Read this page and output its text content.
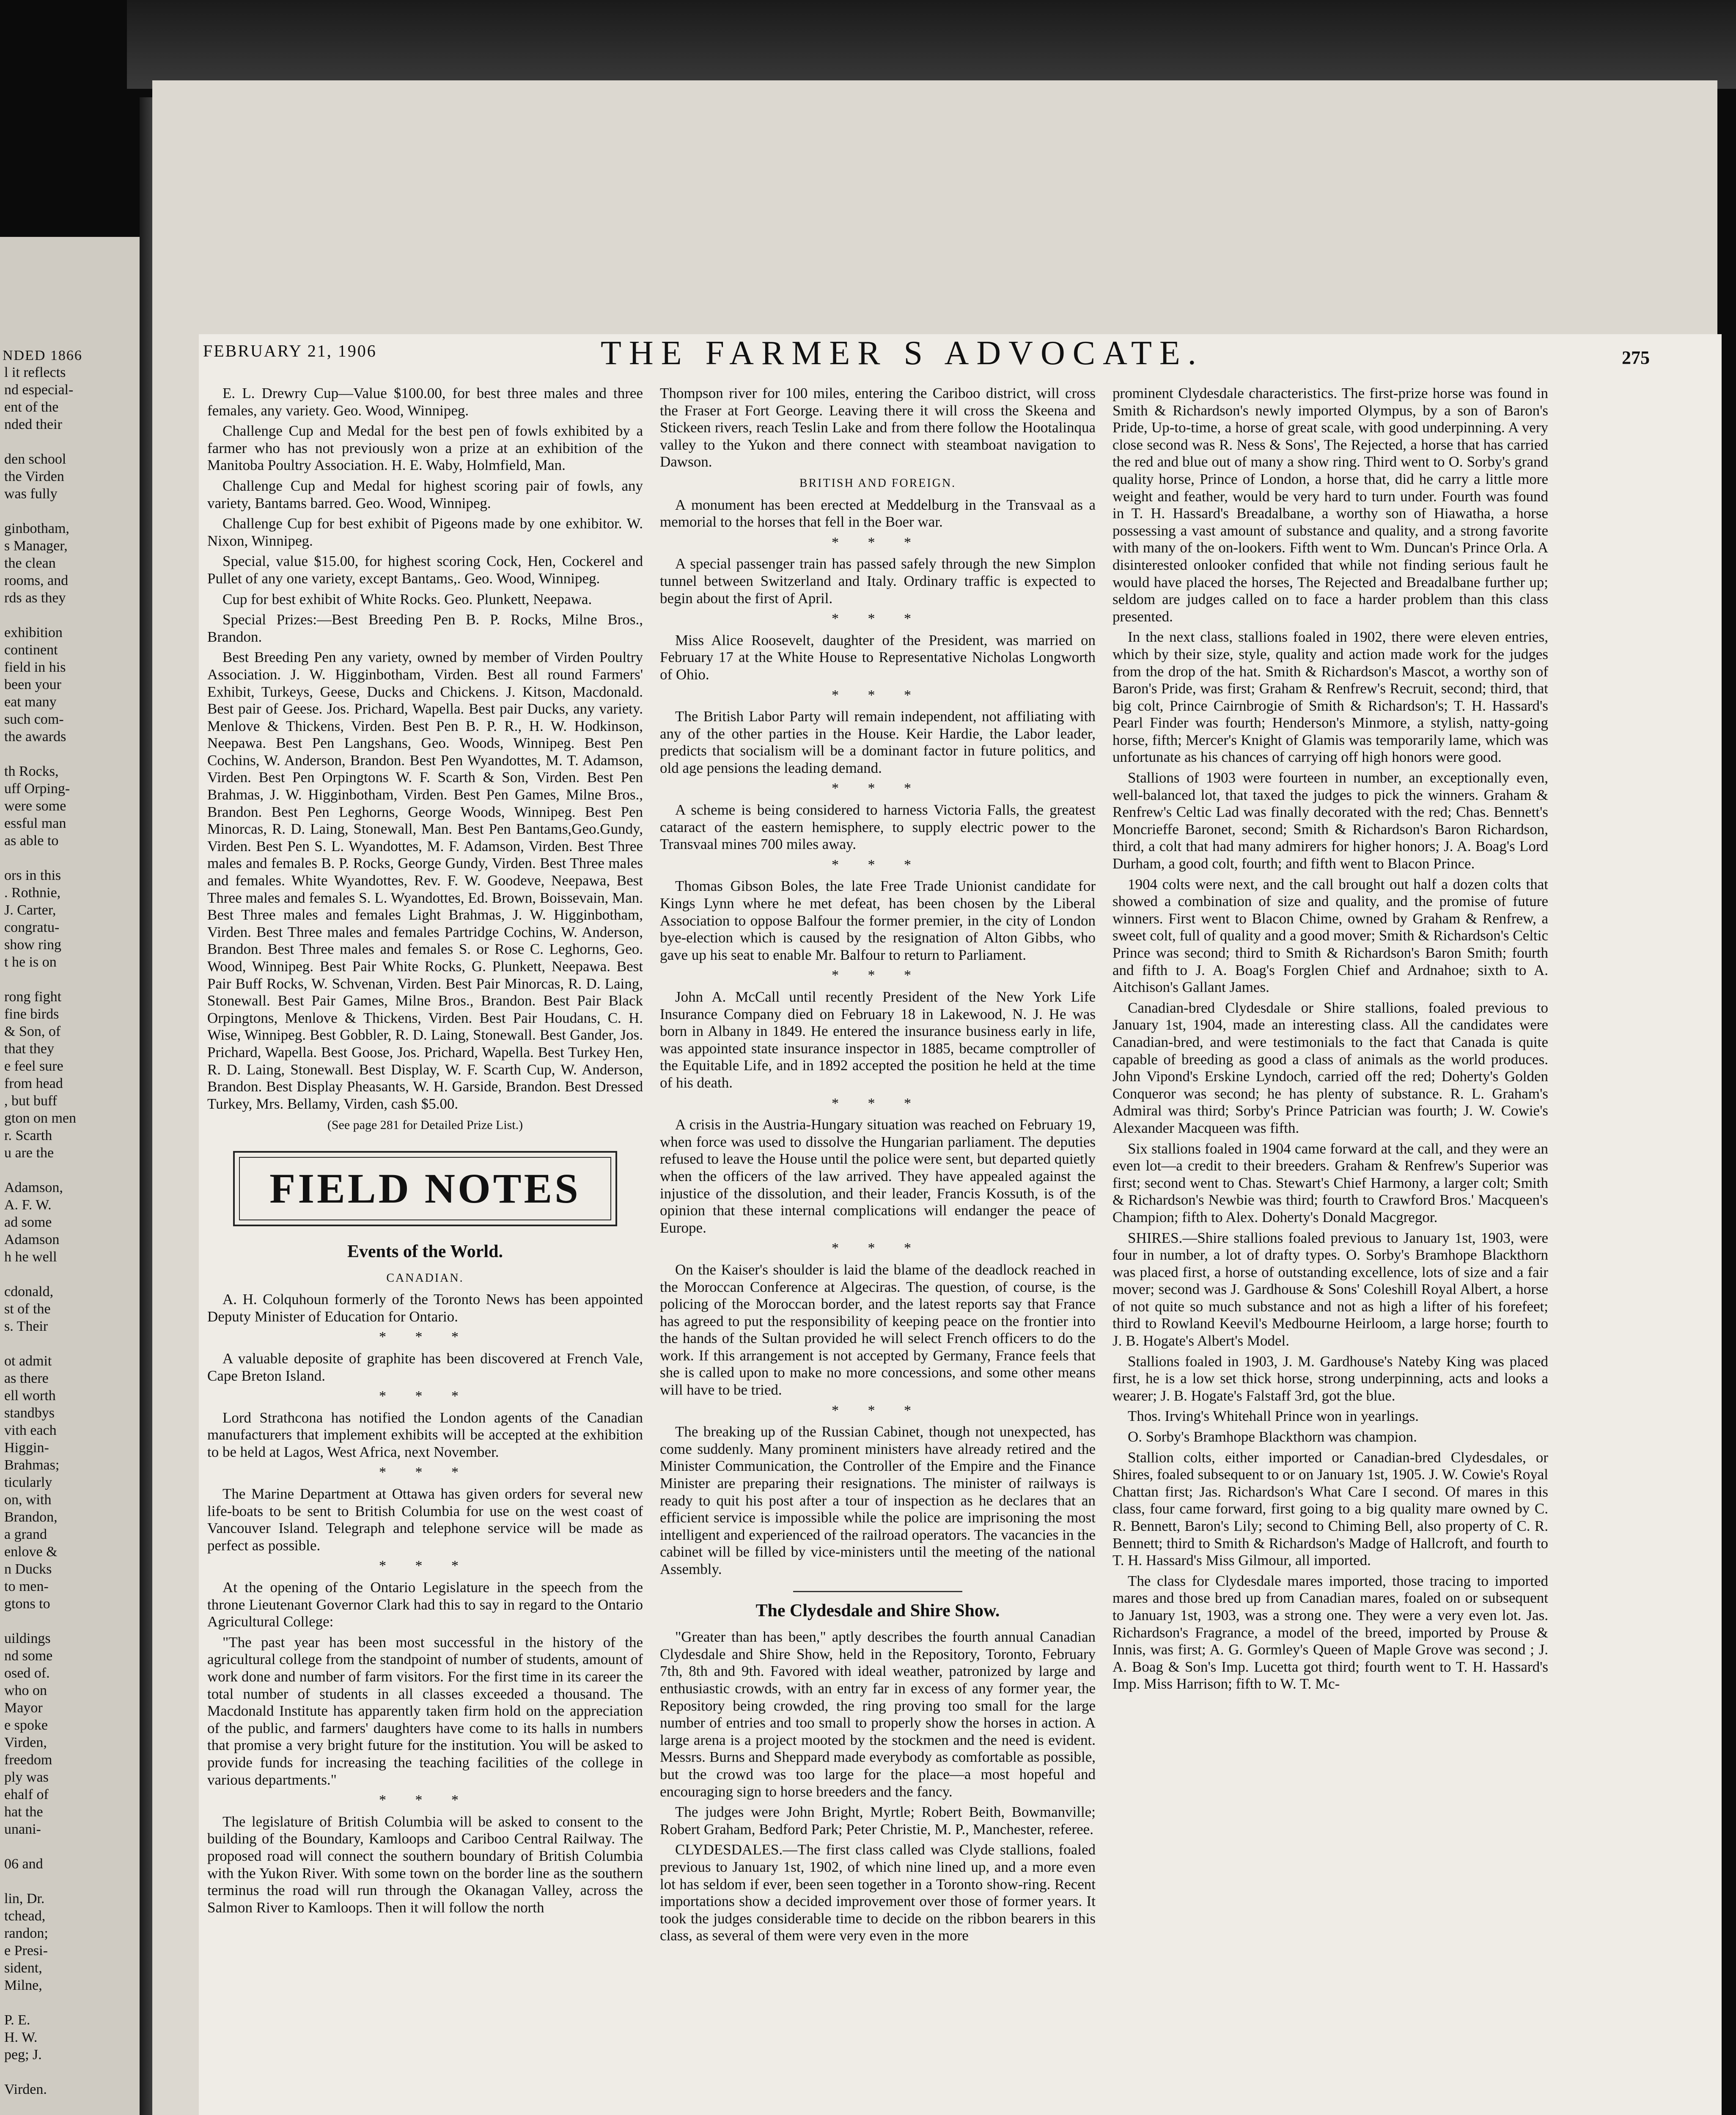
NDED 1866
l it reflects
nd especial-
ent of the
nded their
den school
the Virden
was fully
ginbotham,
s Manager,
the clean
rooms, and
rds as they
exhibition
continent
field in his
been your
eat many
such com-
the awards
th Rocks,
uff Orping-
were some
essful man
as able to
ors in this
. Rothnie,
J. Carter,
congratu-
show ring
t he is on
rong fight
fine birds
& Son, of
that they
e feel sure
from head
, but buff
gton on men
r. Scarth
u are the
Adamson,
A. F. W.
ad some
Adamson
h he well
cdonald,
st of the
s. Their
ot admit
as there
ell worth
standbys
vith each
Higgin-
Brahmas;
ticularly
on, with
Brandon,
a grand
enlove &
n Ducks
to men-
gtons to
uildings
nd some
osed of.
who on
Mayor
e spoke
Virden,
freedom
ply was
ehalf of
hat the
unani-
06 and
lin, Dr.
tchead,
randon;
e Presi-
sident,
Milne,
P. E.
H. W.
peg; J.
Virden.
FEBRUARY 21, 1906	THE FARMER S ADVOCATE.	275

E. L. Drewry Cup—Value $100.00, for best three males and three females, any variety. Geo. Wood, Winnipeg.

Challenge Cup and Medal for the best pen of fowls exhibited by a farmer who has not previously won a prize at an exhibition of the Manitoba Poultry Association. H. E. Waby, Holmfield, Man.

Challenge Cup and Medal for highest scoring pair of fowls, any variety, Bantams barred. Geo. Wood, Winnipeg.

Challenge Cup for best exhibit of Pigeons made by one exhibitor. W. Nixon, Winnipeg.

Special, value $15.00, for highest scoring Cock, Hen, Cockerel and Pullet of any one variety, except Bantams,. Geo. Wood, Winnipeg.

Cup for best exhibit of White Rocks. Geo. Plunkett, Neepawa.

Special Prizes:—Best Breeding Pen B. P. Rocks, Milne Bros., Brandon.

Best Breeding Pen any variety, owned by member of Virden Poultry Association. J. W. Higginbotham, Virden. Best all round Farmers' Exhibit, Turkeys, Geese, Ducks and Chickens. J. Kitson, Macdonald. Best pair of Geese. Jos. Prichard, Wapella. Best pair Ducks, any variety. Menlove & Thickens, Virden. Best Pen B. P. R., H. W. Hodkinson, Neepawa. Best Pen Langshans, Geo. Woods, Winnipeg. Best Pen Cochins, W. Anderson, Brandon. Best Pen Wyandottes, M. T. Adamson, Virden. Best Pen Orpingtons W. F. Scarth & Son, Virden. Best Pen Brahmas, J. W. Higginbotham, Virden. Best Pen Games, Milne Bros., Brandon. Best Pen Leghorns, George Woods, Winnipeg. Best Pen Minorcas, R. D. Laing, Stonewall, Man. Best Pen Bantams,Geo.Gundy, Virden. Best Pen S. L. Wyandottes, M. F. Adamson, Virden. Best Three males and females B. P. Rocks, George Gundy, Virden. Best Three males and females. White Wyandottes, Rev. F. W. Goodeve, Neepawa, Best Three males and females S. L. Wyandottes, Ed. Brown, Boissevain, Man. Best Three males and females Light Brahmas, J. W. Higginbotham, Virden. Best Three males and females Partridge Cochins, W. Anderson, Brandon. Best Three males and females S. or Rose C. Leghorns, Geo. Wood, Winnipeg. Best Pair White Rocks, G. Plunkett, Neepawa. Best Pair Buff Rocks, W. Schvenan, Virden. Best Pair Minorcas, R. D. Laing, Stonewall. Best Pair Games, Milne Bros., Brandon. Best Pair Black Orpingtons, Menlove & Thickens, Virden. Best Pair Houdans, C. H. Wise, Winnipeg. Best Gobbler, R. D. Laing, Stonewall. Best Gander, Jos. Prichard, Wapella. Best Goose, Jos. Prichard, Wapella. Best Turkey Hen, R. D. Laing, Stonewall. Best Display, W. F. Scarth Cup, W. Anderson, Brandon. Best Display Pheasants, W. H. Garside, Brandon. Best Dressed Turkey, Mrs. Bellamy, Virden, cash $5.00.

(See page 281 for Detailed Prize List.)
FIELD NOTES
Events of the World.
CANADIAN.

A. H. Colquhoun formerly of the Toronto News has been appointed Deputy Minister of Education for Ontario.

* * *

A valuable deposite of graphite has been discovered at French Vale, Cape Breton Island.

* * *

Lord Strathcona has notified the London agents of the Canadian manufacturers that implement exhibits will be accepted at the exhibition to be held at Lagos, West Africa, next November.

* * *

The Marine Department at Ottawa has given orders for several new life-boats to be sent to British Columbia for use on the west coast of Vancouver Island. Telegraph and telephone service will be made as perfect as possible.

* * *

At the opening of the Ontario Legislature in the speech from the throne Lieutenant Governor Clark had this to say in regard to the Ontario Agricultural College:

"The past year has been most successful in the history of the agricultural college from the standpoint of number of students, amount of work done and number of farm visitors. For the first time in its career the total number of students in all classes exceeded a thousand. The Macdonald Institute has apparently taken firm hold on the appreciation of the public, and farmers' daughters have come to its halls in numbers that promise a very bright future for the institution. You will be asked to provide funds for increasing the teaching facilities of the college in various departments."

* * *

The legislature of British Columbia will be asked to consent to the building of the Boundary, Kamloops and Cariboo Central Railway. The proposed road will connect the southern boundary of British Columbia with the Yukon River. With some town on the border line as the southern terminus the road will run through the Okanagan Valley, across the Salmon River to Kamloops. Then it will follow the north

Thompson river for 100 miles, entering the Cariboo district, will cross the Fraser at Fort George. Leaving there it will cross the Skeena and Stickeen rivers, reach Teslin Lake and from there follow the Hootalinqua valley to the Yukon and there connect with steamboat navigation to Dawson.

BRITISH AND FOREIGN.

A monument has been erected at Meddelburg in the Transvaal as a memorial to the horses that fell in the Boer war.

* * *

A special passenger train has passed safely through the new Simplon tunnel between Switzerland and Italy. Ordinary traffic is expected to begin about the first of April.

* * *

Miss Alice Roosevelt, daughter of the President, was married on February 17 at the White House to Representative Nicholas Longworth of Ohio.

* * *

The British Labor Party will remain independent, not affiliating with any of the other parties in the House. Keir Hardie, the Labor leader, predicts that socialism will be a dominant factor in future politics, and old age pensions the leading demand.

* * *

A scheme is being considered to harness Victoria Falls, the greatest cataract of the eastern hemisphere, to supply electric power to the Transvaal mines 700 miles away.

* * *

Thomas Gibson Boles, the late Free Trade Unionist candidate for Kings Lynn where he met defeat, has been chosen by the Liberal Association to oppose Balfour the former premier, in the city of London bye-election which is caused by the resignation of Alton Gibbs, who gave up his seat to enable Mr. Balfour to return to Parliament.

* * *

John A. McCall until recently President of the New York Life Insurance Company died on February 18 in Lakewood, N. J. He was born in Albany in 1849. He entered the insurance business early in life, was appointed state insurance inspector in 1885, became comptroller of the Equitable Life, and in 1892 accepted the position he held at the time of his death.

* * *

A crisis in the Austria-Hungary situation was reached on February 19, when force was used to dissolve the Hungarian parliament. The deputies refused to leave the House until the police were sent, but departed quietly when the officers of the law arrived. They have appealed against the injustice of the dissolution, and their leader, Francis Kossuth, is of the opinion that these internal complications will endanger the peace of Europe.

* * *

On the Kaiser's shoulder is laid the blame of the deadlock reached in the Moroccan Conference at Algeciras. The question, of course, is the policing of the Moroccan border, and the latest reports say that France has agreed to put the responsibility of keeping peace on the frontier into the hands of the Sultan provided he will select French officers to do the work. If this arrangement is not accepted by Germany, France feels that she is called upon to make no more concessions, and some other means will have to be tried.

* * *

The breaking up of the Russian Cabinet, though not unexpected, has come suddenly. Many prominent ministers have already retired and the Minister Communication, the Controller of the Empire and the Finance Minister are preparing their resignations. The minister of railways is ready to quit his post after a tour of inspection as he declares that an efficient service is impossible while the police are imprisoning the most intelligent and experienced of the railroad operators. The vacancies in the cabinet will be filled by vice-ministers until the meeting of the national Assembly.

The Clydesdale and Shire Show.

"Greater than has been," aptly describes the fourth annual Canadian Clydesdale and Shire Show, held in the Repository, Toronto, February 7th, 8th and 9th. Favored with ideal weather, patronized by large and enthusiastic crowds, with an entry far in excess of any former year, the Repository being crowded, the ring proving too small for the large number of entries and too small to properly show the horses in action. A large arena is a project mooted by the stockmen and the need is evident. Messrs. Burns and Sheppard made everybody as comfortable as possible, but the crowd was too large for the place—a most hopeful and encouraging sign to horse breeders and the fancy.

The judges were John Bright, Myrtle; Robert Beith, Bowmanville; Robert Graham, Bedford Park; Peter Christie, M. P., Manchester, referee.

CLYDESDALES.—The first class called was Clyde stallions, foaled previous to January 1st, 1902, of which nine lined up, and a more even lot has seldom if ever, been seen together in a Toronto show-ring. Recent importations show a decided improvement over those of former years. It took the judges considerable time to decide on the ribbon bearers in this class, as several of them were very even in the more

prominent Clydesdale characteristics. The first-prize horse was found in Smith & Richardson's newly imported Olympus, by a son of Baron's Pride, Up-to-time, a horse of great scale, with good underpinning. A very close second was R. Ness & Sons', The Rejected, a horse that has carried the red and blue out of many a show ring. Third went to O. Sorby's grand quality horse, Prince of London, a horse that, did he carry a little more weight and feather, would be very hard to turn under. Fourth was found in T. H. Hassard's Breadalbane, a worthy son of Hiawatha, a horse possessing a vast amount of substance and quality, and a strong favorite with many of the on-lookers. Fifth went to Wm. Duncan's Prince Orla. A disinterested onlooker confided that while not finding serious fault he would have placed the horses, The Rejected and Breadalbane further up; seldom are judges called on to face a harder problem than this class presented.

In the next class, stallions foaled in 1902, there were eleven entries, which by their size, style, quality and action made work for the judges from the drop of the hat. Smith & Richardson's Mascot, a worthy son of Baron's Pride, was first; Graham & Renfrew's Recruit, second; third, that big colt, Prince Cairnbrogie of Smith & Richardson's; T. H. Hassard's Pearl Finder was fourth; Henderson's Minmore, a stylish, natty-going horse, fifth; Mercer's Knight of Glamis was temporarily lame, which was unfortunate as his chances of carrying off high honors were good.

Stallions of 1903 were fourteen in number, an exceptionally even, well-balanced lot, that taxed the judges to pick the winners. Graham & Renfrew's Celtic Lad was finally decorated with the red; Chas. Bennett's Moncrieffe Baronet, second; Smith & Richardson's Baron Richardson, third, a colt that had many admirers for higher honors; J. A. Boag's Lord Durham, a good colt, fourth; and fifth went to Blacon Prince.

1904 colts were next, and the call brought out half a dozen colts that showed a combination of size and quality, and the promise of future winners. First went to Blacon Chime, owned by Graham & Renfrew, a sweet colt, full of quality and a good mover; Smith & Richardson's Celtic Prince was second; third to Smith & Richardson's Baron Smith; fourth and fifth to J. A. Boag's Forglen Chief and Ardnahoe; sixth to A. Aitchison's Gallant James.

Canadian-bred Clydesdale or Shire stallions, foaled previous to January 1st, 1904, made an interesting class. All the candidates were Canadian-bred, and were testimonials to the fact that Canada is quite capable of breeding as good a class of animals as the world produces. John Vipond's Erskine Lyndoch, carried off the red; Doherty's Golden Conqueror was second; he has plenty of substance. R. L. Graham's Admiral was third; Sorby's Prince Patrician was fourth; J. W. Cowie's Alexander Macqueen was fifth.

Six stallions foaled in 1904 came forward at the call, and they were an even lot—a credit to their breeders. Graham & Renfrew's Superior was first; second went to Chas. Stewart's Chief Harmony, a larger colt; Smith & Richardson's Newbie was third; fourth to Crawford Bros.' Macqueen's Champion; fifth to Alex. Doherty's Donald Macgregor.

SHIRES.—Shire stallions foaled previous to January 1st, 1903, were four in number, a lot of drafty types. O. Sorby's Bramhope Blackthorn was placed first, a horse of outstanding excellence, lots of size and a fair mover; second was J. Gardhouse & Sons' Coleshill Royal Albert, a horse of not quite so much substance and not as high a lifter of his forefeet; third to Rowland Keevil's Medbourne Heirloom, a large horse; fourth to J. B. Hogate's Albert's Model.

Stallions foaled in 1903, J. M. Gardhouse's Nateby King was placed first, he is a low set thick horse, strong underpinning, acts and looks a wearer; J. B. Hogate's Falstaff 3rd, got the blue.

Thos. Irving's Whitehall Prince won in yearlings.

O. Sorby's Bramhope Blackthorn was champion.

Stallion colts, either imported or Canadian-bred Clydesdales, or Shires, foaled subsequent to or on January 1st, 1905. J. W. Cowie's Royal Chattan first; Jas. Richardson's What Care I second. Of mares in this class, four came forward, first going to a big quality mare owned by C. R. Bennett, Baron's Lily; second to Chiming Bell, also property of C. R. Bennett; third to Smith & Richardson's Madge of Hallcroft, and fourth to T. H. Hassard's Miss Gilmour, all imported.

The class for Clydesdale mares imported, those tracing to imported mares and those bred up from Canadian mares, foaled on or subsequent to January 1st, 1903, was a strong one. They were a very even lot. Jas. Richardson's Fragrance, a model of the breed, imported by Prouse & Innis, was first; A. G. Gormley's Queen of Maple Grove was second ; J. A. Boag & Son's Imp. Lucetta got third; fourth went to T. H. Hassard's Imp. Miss Harrison; fifth to W. T. Mc-
